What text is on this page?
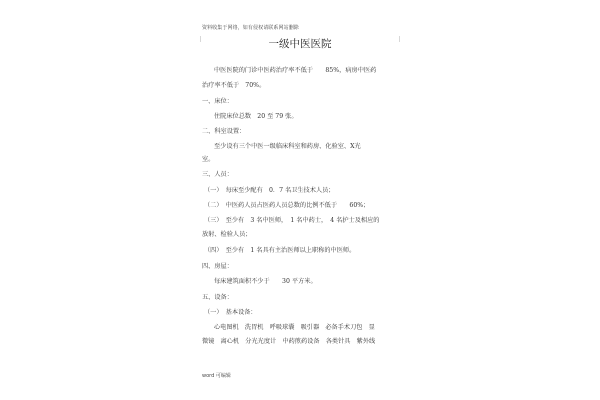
资料收集于网络，如有侵权请联系网站删除
一级中医医院
中医医院的门诊中医药治疗率不低于　　85%，病房中医药
治疗率不低于　70%。
一、床位：
住院床位总数　20 至 79 张。
二、科室设置：
至少设有三个中医一级临床科室和药房、化验室、X光
室。
三、人员：
（一）　每床至少配有　0．7 名卫生技术人员；
（二）　中医药人员占医药人员总数的比例不低于　　60%；
（三）　至少有　3 名中医师，　1 名中药士，　4 名护士及相应的
放射、检验人员；
（四）　至少有　1 名具有主治医师以上职称的中医师。
四、房屋：
每床建筑面积不少于　　30 平方米。
五、设备：
（一）　基本设备：
心电图机　洗胃机　呼吸球囊　吸引器　必备手术刀包　显
微镜　离心机　分光光度计　中药煎药设备　各类针具　紫外线
word 可编辑
